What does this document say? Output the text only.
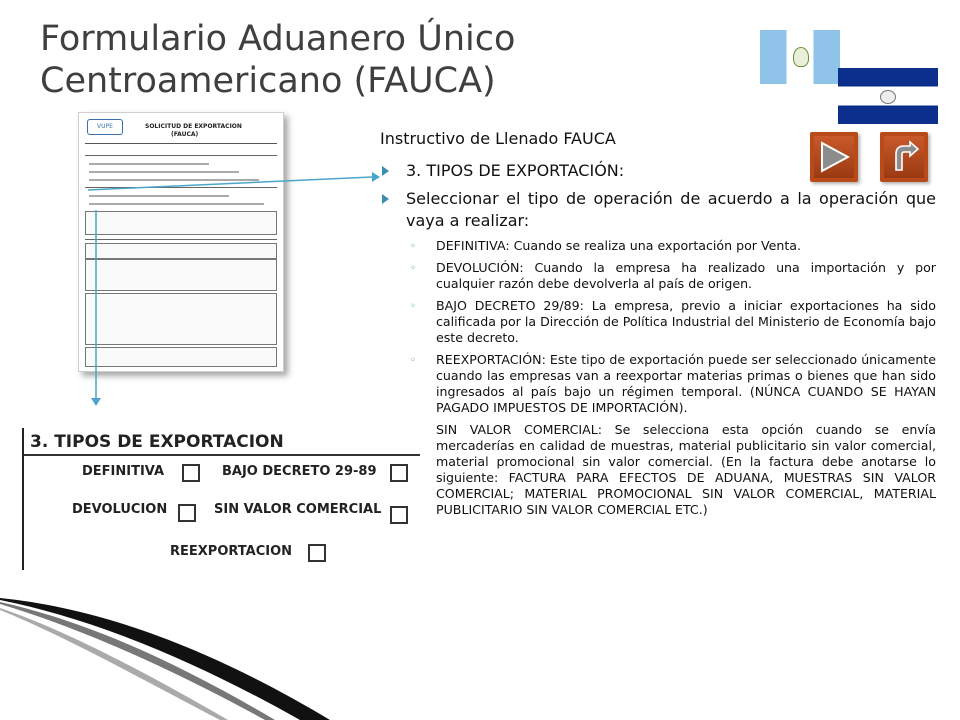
Formulario Aduanero Único Centroamericano (FAUCA)
VUPE	SOLICITUD DE EXPORTACION
(FAUCA)	Instructivo de Llenado FAUCA
3. TIPOS DE EXPORTACIÓN:
Seleccionar el tipo de operación de acuerdo a la operación que vaya a realizar:
◦ DEFINITIVA: Cuando se realiza una exportación por Venta.
◦ DEVOLUCIÓN: Cuando la empresa ha realizado una importación y por cualquier razón debe devolverla al país de origen.
◦ BAJO DECRETO 29/89: La empresa, previo a iniciar exportaciones ha sido calificada por la Dirección de Política Industrial del Ministerio de Economía bajo este decreto.
◦ REEXPORTACIÓN: Este tipo de exportación puede ser seleccionado únicamente cuando las empresas van a reexportar materias primas o bienes que han sido ingresados al país bajo un régimen temporal. (NÚNCA CUANDO SE HAYAN PAGADO IMPUESTOS DE IMPORTACIÓN).
SIN VALOR COMERCIAL: Se selecciona esta opción cuando se envía mercaderías en calidad de muestras, material publicitario sin valor comercial, material promocional sin valor comercial. (En la factura debe anotarse lo siguiente: FACTURA PARA EFECTOS DE ADUANA, MUESTRAS SIN VALOR COMERCIAL; MATERIAL PROMOCIONAL SIN VALOR COMERCIAL, MATERIAL PUBLICITARIO SIN VALOR COMERCIAL ETC.)
3. TIPOS DE EXPORTACION
DEFINITIVA	BAJO DECRETO 29-89
DEVOLUCION	SIN VALOR COMERCIAL
REEXPORTACION
